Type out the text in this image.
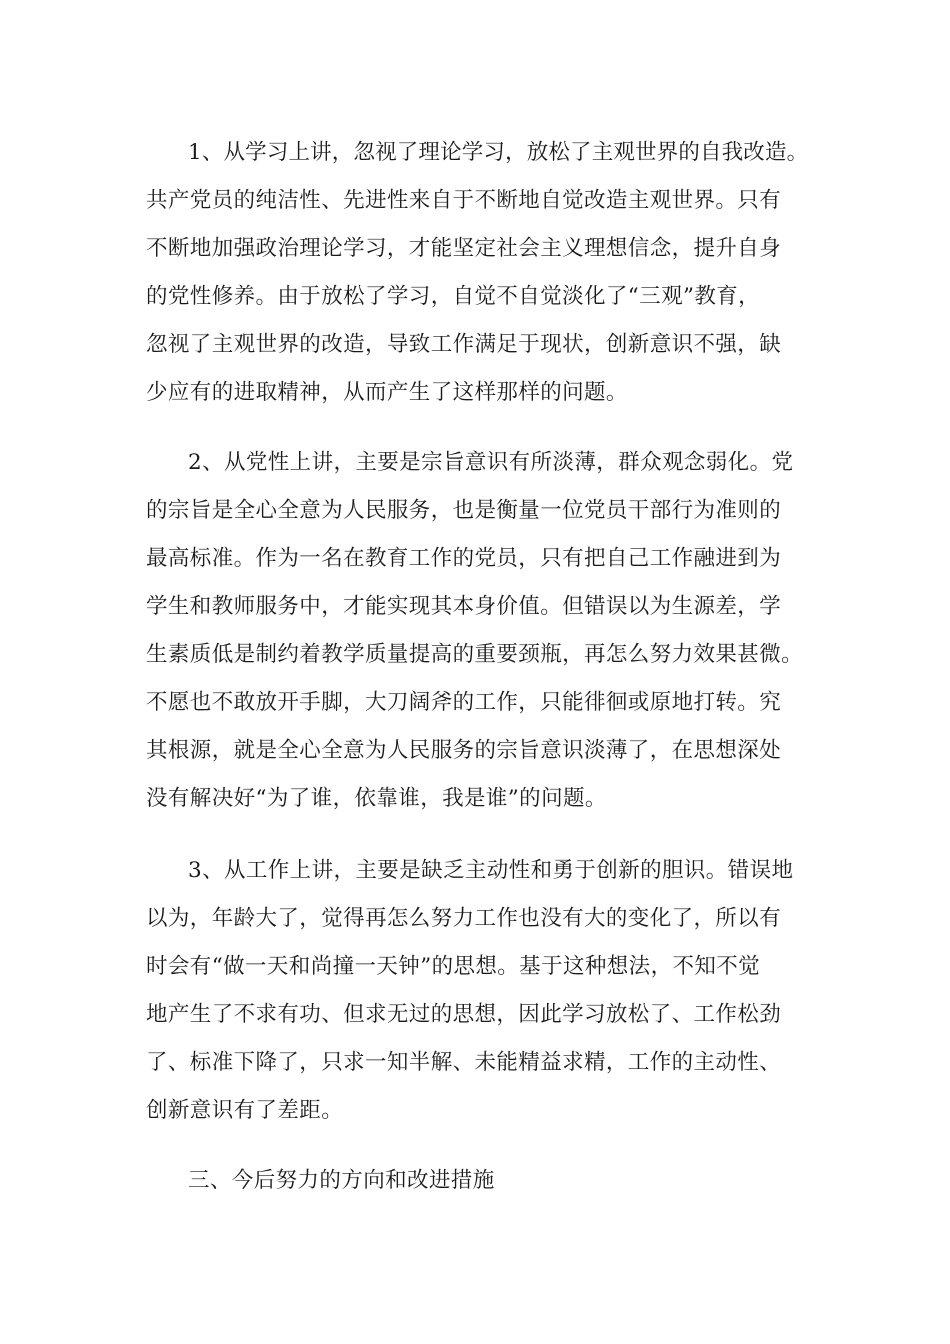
1、从学习上讲，忽视了理论学习，放松了主观世界的自我改造。

共产党员的纯洁性、先进性来自于不断地自觉改造主观世界。只有

不断地加强政治理论学习，才能坚定社会主义理想信念，提升自身

的党性修养。由于放松了学习，自觉不自觉淡化了“三观”教育，

忽视了主观世界的改造，导致工作满足于现状，创新意识不强，缺

少应有的进取精神，从而产生了这样那样的问题。

2、从党性上讲，主要是宗旨意识有所淡薄，群众观念弱化。党

的宗旨是全心全意为人民服务，也是衡量一位党员干部行为准则的

最高标准。作为一名在教育工作的党员，只有把自己工作融进到为

学生和教师服务中，才能实现其本身价值。但错误以为生源差，学

生素质低是制约着教学质量提高的重要颈瓶，再怎么努力效果甚微。

不愿也不敢放开手脚，大刀阔斧的工作，只能徘徊或原地打转。究

其根源，就是全心全意为人民服务的宗旨意识淡薄了，在思想深处

没有解决好“为了谁，依靠谁，我是谁”的问题。

3、从工作上讲，主要是缺乏主动性和勇于创新的胆识。错误地

以为，年龄大了，觉得再怎么努力工作也没有大的变化了，所以有

时会有“做一天和尚撞一天钟”的思想。基于这种想法，不知不觉

地产生了不求有功、但求无过的思想，因此学习放松了、工作松劲

了、标准下降了，只求一知半解、未能精益求精，工作的主动性、

创新意识有了差距。

三、今后努力的方向和改进措施
